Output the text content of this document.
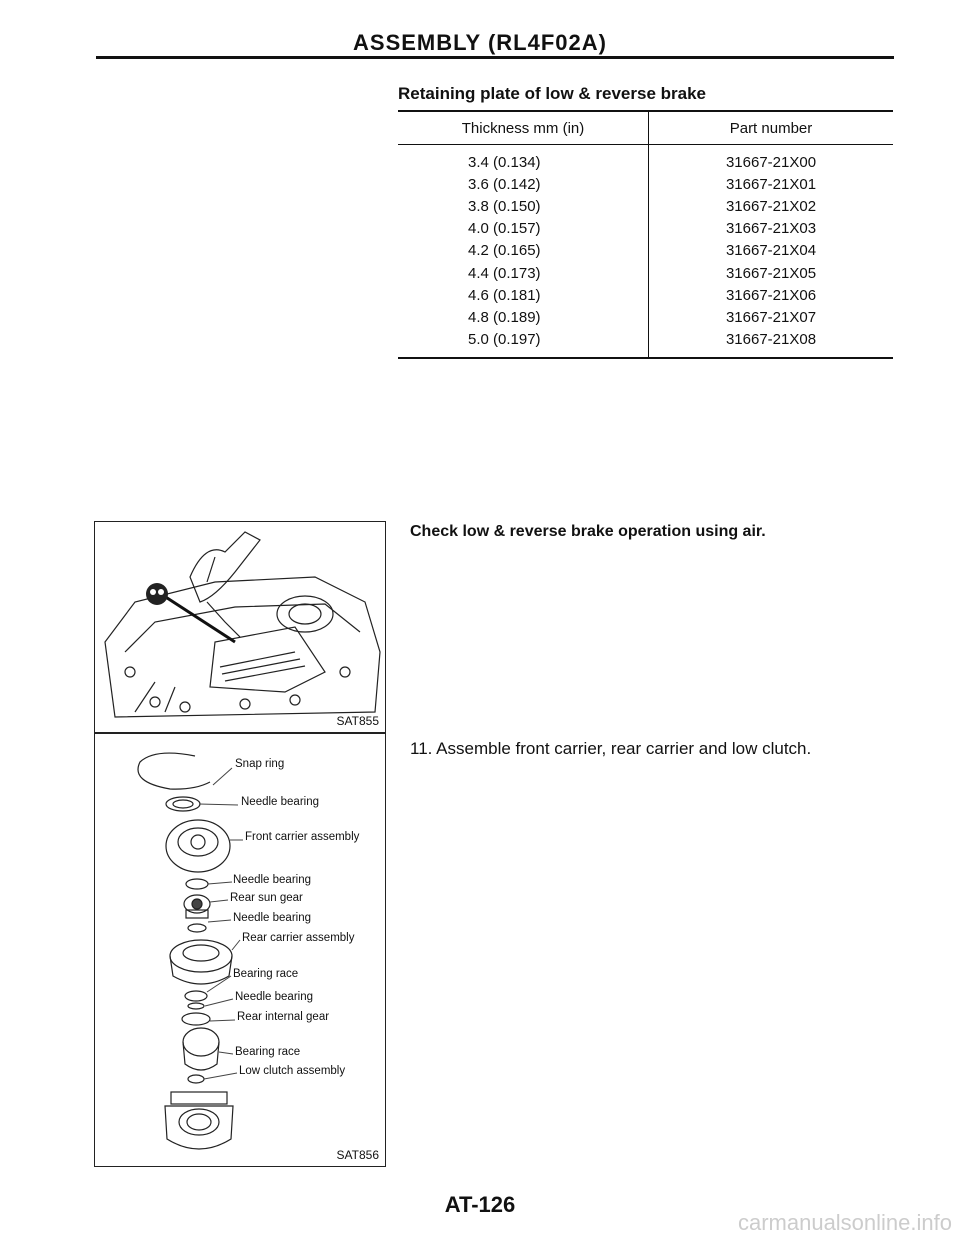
ASSEMBLY (RL4F02A)
Retaining plate of low & reverse brake
Thickness mm (in)	Part number
3.4 (0.134)	31667-21X00
3.6 (0.142)	31667-21X01
3.8 (0.150)	31667-21X02
4.0 (0.157)	31667-21X03
4.2 (0.165)	31667-21X04
4.4 (0.173)	31667-21X05
4.6 (0.181)	31667-21X06
4.8 (0.189)	31667-21X07
5.0 (0.197)	31667-21X08
SAT855
Snap ring
Needle bearing
Front carrier assembly
Needle bearing
Rear sun gear
Needle bearing
Rear carrier assembly
Bearing race
Needle bearing
Rear internal gear
Bearing race
Low clutch assembly
SAT856
Check low & reverse brake operation using air.
11. Assemble front carrier, rear carrier and low clutch.
AT-126
carmanualsonline.info
